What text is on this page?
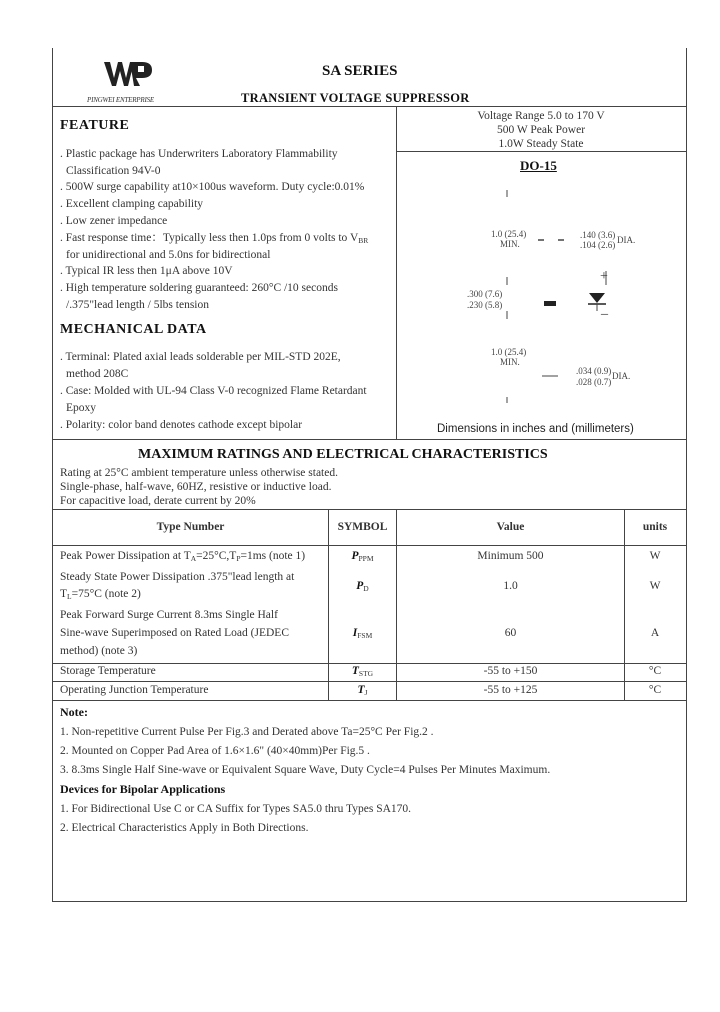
PINGWEI ENTERPRISE
SA SERIES
TRANSIENT VOLTAGE SUPPRESSOR
Voltage Range 5.0 to 170 V
500 W Peak Power
1.0W Steady State
FEATURE
. Plastic package has Underwriters Laboratory Flammability
Classification 94V-0
. 500W surge capability at10×100us waveform. Duty cycle:0.01%
. Excellent clamping capability
. Low zener impedance
. Fast response time：Typically less then 1.0ps from 0 volts to $V_{BR}$
for unidirectional and 5.0ns for bidirectional
. Typical IR less then 1μA above 10V
. High temperature soldering guaranteed: 260°C /10 seconds
/.375"lead length / 5lbs tension
MECHANICAL DATA
. Terminal: Plated axial leads solderable per MIL-STD 202E,
method 208C
. Case: Molded with UL-94 Class V-0 recognized Flame Retardant
Epoxy
. Polarity: color band denotes cathode except bipolar
DO-15
1.0 (25.4)
MIN.
.140 (3.6)
.104 (2.6) DIA.
.300 (7.6)
.230 (5.8)
+
_
1.0 (25.4)
MIN.
.034 (0.9)
.028 (0.7)
DIA.
Dimensions in inches and (millimeters)
MAXIMUM RATINGS AND ELECTRICAL CHARACTERISTICS
Rating at 25°C ambient temperature unless otherwise stated.
Single-phase, half-wave, 60HZ, resistive or inductive load.
For capacitive load, derate current by 20%
Type Number	SYMBOL	Value	units
Peak Power Dissipation at $T_A=25^\circ C,T_P=1ms$ (note 1)	$P_{PPM}$	Minimum 500	W
Steady State Power Dissipation .375"lead length at
$T_L=75^\circ C$ (note 2)
$P_D$	1.0	W
Peak Forward Surge Current 8.3ms Single Half
Sine-wave Superimposed on Rated Load (JEDEC
method) (note 3)
$I_{FSM}$	60	A
Storage Temperature	$T_{STG}$	-55 to +150	°C
Operating Junction Temperature	$T_J$	-55 to +125	°C
Note:
1. Non-repetitive Current Pulse Per Fig.3 and Derated above Ta=25°C Per Fig.2 .
2. Mounted on Copper Pad Area of 1.6×1.6" (40×40mm)Per Fig.5 .
3. 8.3ms Single Half Sine-wave or Equivalent Square Wave, Duty Cycle=4 Pulses Per Minutes Maximum.
Devices for Bipolar Applications
1. For Bidirectional Use C or CA Suffix for Types SA5.0 thru Types SA170.
2. Electrical Characteristics Apply in Both Directions.
